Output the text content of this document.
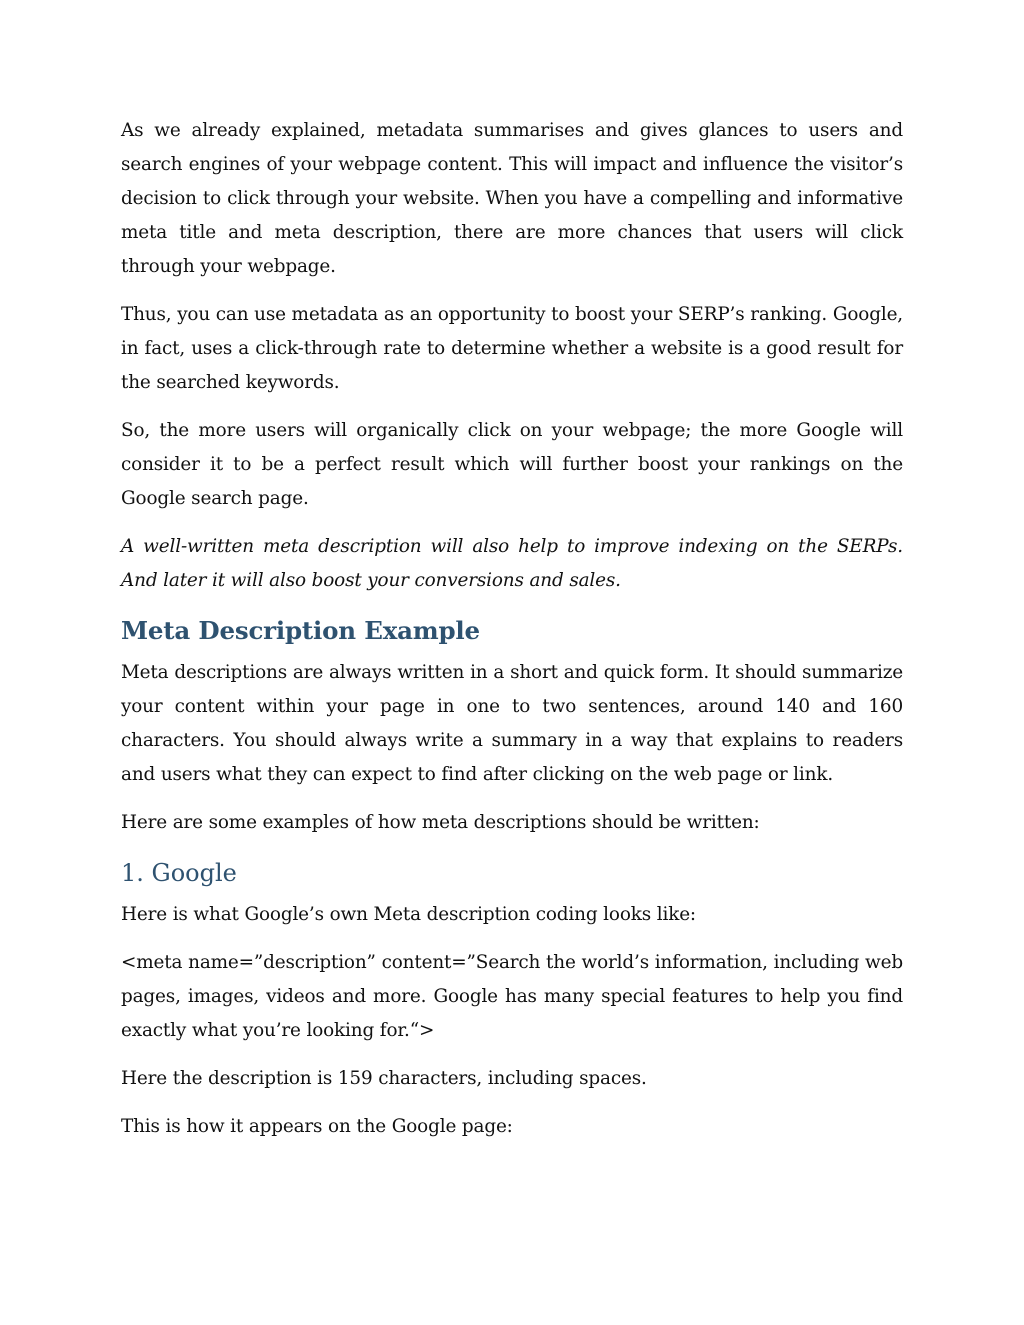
As we already explained, metadata summarises and gives glances to users and search engines of your webpage content. This will impact and influence the visitor’s decision to click through your website. When you have a compelling and informative meta title and meta description, there are more chances that users will click through your webpage.

Thus, you can use metadata as an opportunity to boost your SERP’s ranking. Google, in fact, uses a click-through rate to determine whether a website is a good result for the searched keywords.

So, the more users will organically click on your webpage; the more Google will consider it to be a perfect result which will further boost your rankings on the Google search page.

A well-written meta description will also help to improve indexing on the SERPs. And later it will also boost your conversions and sales.

Meta Description Example

Meta descriptions are always written in a short and quick form. It should summarize your content within your page in one to two sentences, around 140 and 160 characters. You should always write a summary in a way that explains to readers and users what they can expect to find after clicking on the web page or link.

Here are some examples of how meta descriptions should be written:

1. Google

Here is what Google’s own Meta description coding looks like:

<meta name=”description” content=”Search the world’s information, including web pages, images, videos and more. Google has many special features to help you find exactly what you’re looking for.“>

Here the description is 159 characters, including spaces.

This is how it appears on the Google page:
